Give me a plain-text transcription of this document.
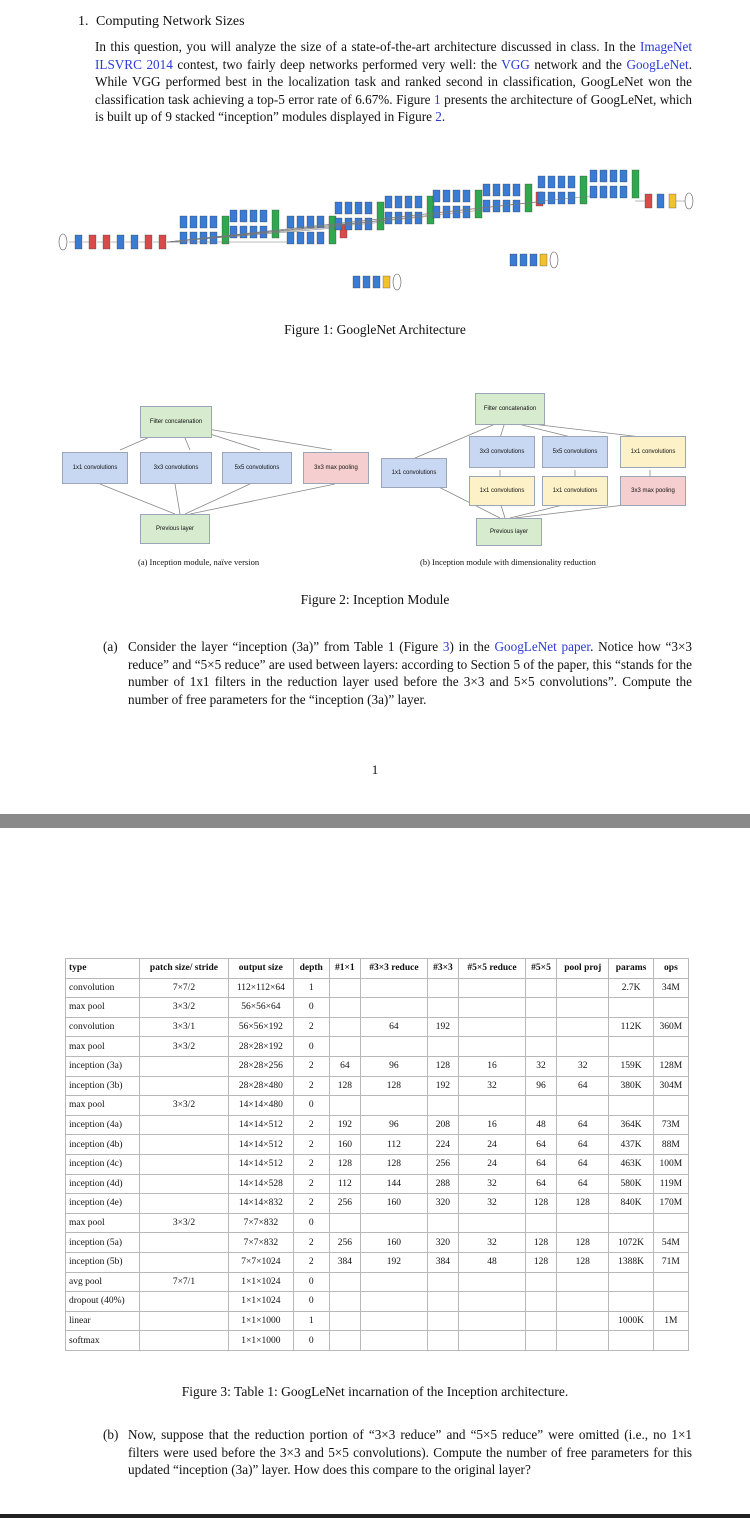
1. Computing Network Sizes
In this question, you will analyze the size of a state-of-the-art architecture discussed in class. In the ImageNet ILSVRC 2014 contest, two fairly deep networks performed very well: the VGG network and the GoogLeNet. While VGG performed best in the localization task and ranked second in classification, GoogLeNet won the classification task achieving a top-5 error rate of 6.67%. Figure 1 presents the architecture of GoogLeNet, which is built up of 9 stacked “inception” modules displayed in Figure 2.
Figure 1: GoogleNet Architecture
Filter concatenation
1x1 convolutions	3x3 convolutions	5x5 convolutions	3x3 max pooling
Previous layer
(a) Inception module, naïve version
Filter concatenation
1x1 convolutions
3x3 convolutions	5x5 convolutions	1x1 convolutions
1x1 convolutions	1x1 convolutions	3x3 max pooling
Previous layer
(b) Inception module with dimensionality reduction
Figure 2: Inception Module
(a) Consider the layer “inception (3a)” from Table 1 (Figure 3) in the GoogLeNet paper. Notice how “3×3 reduce” and “5×5 reduce” are used between layers: according to Section 5 of the paper, this “stands for the number of 1x1 filters in the reduction layer used before the 3×3 and 5×5 convolutions”. Compute the number of free parameters for the “inception (3a)” layer.
1
type	patch size/ stride	output size	depth	#1×1	#3×3 reduce	#3×3	#5×5 reduce	#5×5	pool proj	params	ops
convolution	7×7/2	112×112×64	1							2.7K	34M
max pool	3×3/2	56×56×64	0								
convolution	3×3/1	56×56×192	2		64	192				112K	360M
max pool	3×3/2	28×28×192	0								
inception (3a)		28×28×256	2	64	96	128	16	32	32	159K	128M
inception (3b)		28×28×480	2	128	128	192	32	96	64	380K	304M
max pool	3×3/2	14×14×480	0								
inception (4a)		14×14×512	2	192	96	208	16	48	64	364K	73M
inception (4b)		14×14×512	2	160	112	224	24	64	64	437K	88M
inception (4c)		14×14×512	2	128	128	256	24	64	64	463K	100M
inception (4d)		14×14×528	2	112	144	288	32	64	64	580K	119M
inception (4e)		14×14×832	2	256	160	320	32	128	128	840K	170M
max pool	3×3/2	7×7×832	0								
inception (5a)		7×7×832	2	256	160	320	32	128	128	1072K	54M
inception (5b)		7×7×1024	2	384	192	384	48	128	128	1388K	71M
avg pool	7×7/1	1×1×1024	0								
dropout (40%)		1×1×1024	0								
linear		1×1×1000	1							1000K	1M
softmax		1×1×1000	0								
Figure 3: Table 1: GoogLeNet incarnation of the Inception architecture.
(b) Now, suppose that the reduction portion of “3×3 reduce” and “5×5 reduce” were omitted (i.e., no 1×1 filters were used before the 3×3 and 5×5 convolutions). Compute the number of free parameters for this updated “inception (3a)” layer. How does this compare to the original layer?
